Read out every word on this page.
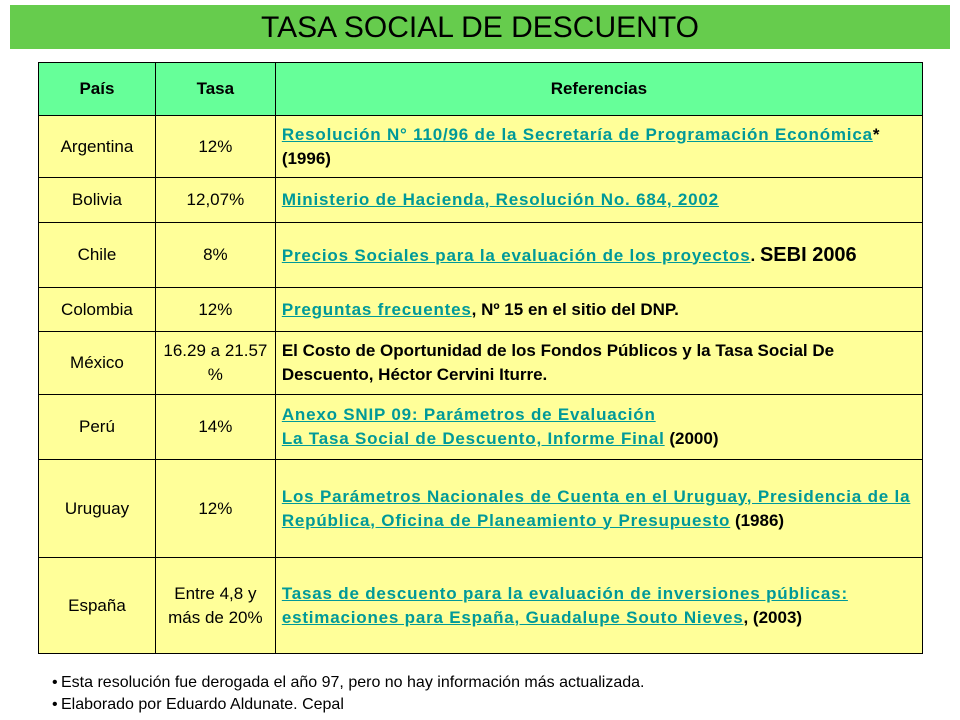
TASA SOCIAL DE DESCUENTO
País	Tasa	Referencias
Argentina	12%	Resolución N° 110/96 de la Secretaría de Programación Económica* (1996)
Bolivia	12,07%	Ministerio de Hacienda, Resolución No. 684, 2002
Chile	8%	Precios Sociales para la evaluación de los proyectos. SEBI 2006
Colombia	12%	Preguntas frecuentes, Nº 15 en el sitio del DNP.
México	16.29 a 21.57 %	El Costo de Oportunidad de los Fondos Públicos y la Tasa Social De Descuento, Héctor Cervini Iturre.
Perú	14%	Anexo SNIP 09: Parámetros de Evaluación
La Tasa Social de Descuento, Informe Final (2000)
Uruguay	12%	Los Parámetros Nacionales de Cuenta en el Uruguay, Presidencia de la República, Oficina de Planeamiento y Presupuesto (1986)
España	Entre 4,8 y más de 20%	Tasas de descuento para la evaluación de inversiones públicas: estimaciones para España, Guadalupe Souto Nieves, (2003)
• Esta resolución fue derogada el año 97, pero no hay información más actualizada.
• Elaborado por Eduardo Aldunate. Cepal
